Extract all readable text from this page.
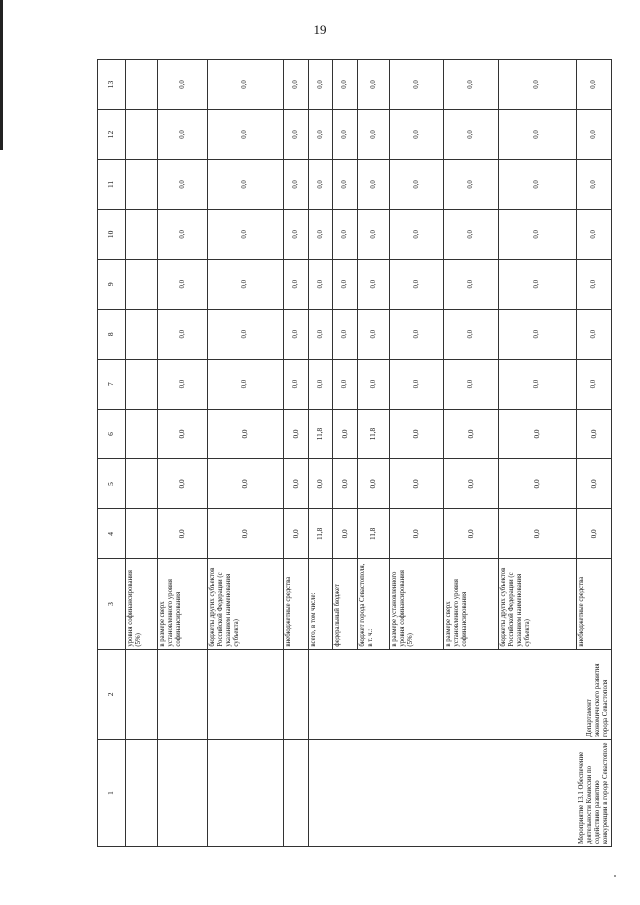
19
1	2	3	4	5	6	7	8	9	10	11	12	13
		уровня софинансирования (5%)										
		в размере сверх установленного уровня софинансирования	0,0	0,0	0,0	0,0	0,0	0,0	0,0	0,0	0,0	0,0
		бюджеты других субъектов Российской Федерации (с указанием наименования субъекта)	0,0	0,0	0,0	0,0	0,0	0,0	0,0	0,0	0,0	0,0
		внебюджетные средства	0,0	0,0	0,0	0,0	0,0	0,0	0,0	0,0	0,0	0,0
Мероприятие 13.1 Обеспечение деятельности Комиссии по содействию развитию конкуренции в городе Севастополе	Департамент экономического развития города Севастополя	всего, в том числе:	11,8	0,0	11,8	0,0	0,0	0,0	0,0	0,0	0,0	0,0
		федеральный бюджет	0,0	0,0	0,0	0,0	0,0	0,0	0,0	0,0	0,0	0,0
		бюджет города Севастополя, в т. ч.:	11,8	0,0	11,8	0,0	0,0	0,0	0,0	0,0	0,0	0,0
		в размере установленного уровня софинансирования (5%)	0,0	0,0	0,0	0,0	0,0	0,0	0,0	0,0	0,0	0,0
		в размере сверх установленного уровня софинансирования	0,0	0,0	0,0	0,0	0,0	0,0	0,0	0,0	0,0	0,0
		бюджеты других субъектов Российской Федерации (с указанием наименования субъекта)	0,0	0,0	0,0	0,0	0,0	0,0	0,0	0,0	0,0	0,0
		внебюджетные средства	0,0	0,0	0,0	0,0	0,0	0,0	0,0	0,0	0,0	0,0
